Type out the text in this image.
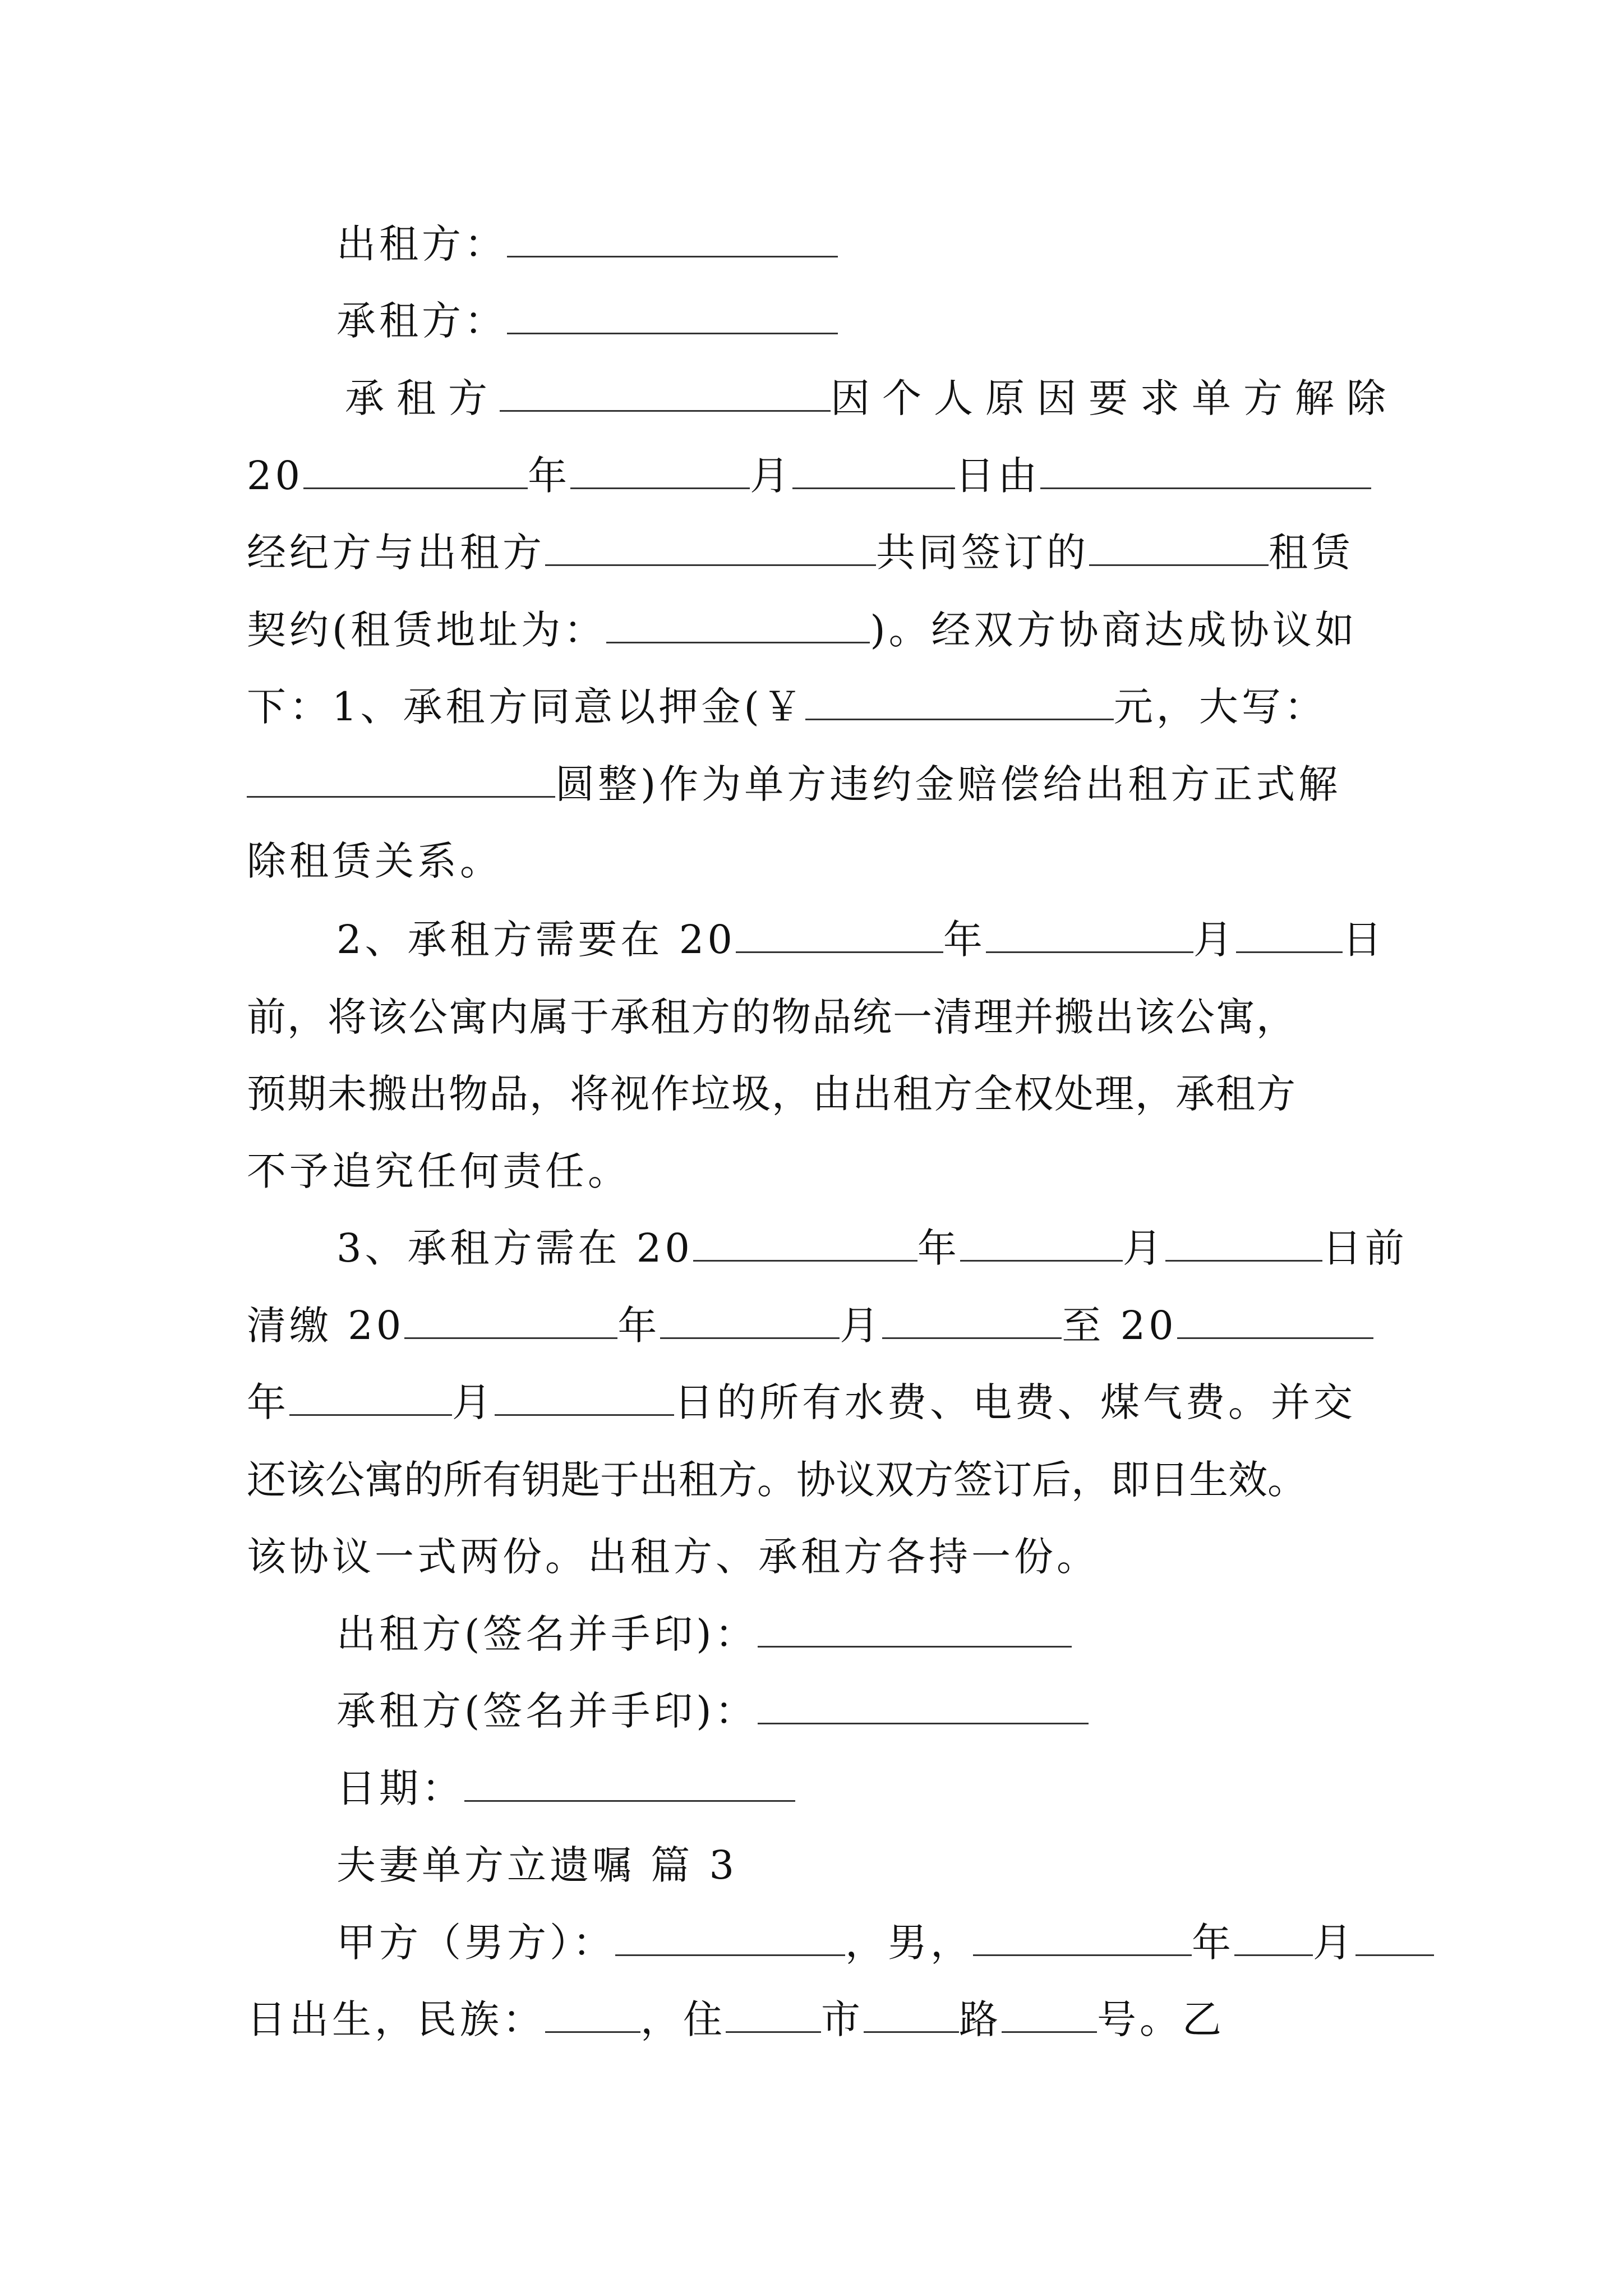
出租方：
承租方：
承租方	因个人原因要求单方解除
20	年	月	日由
经纪方与出租方	共同签订的	租赁
契约(租赁地址为：	)。经双方协商达成协议如
下：1、承租方同意以押金(￥	元，大写：
圆整)作为单方违约金赔偿给出租方正式解
除租赁关系。
2、承租方需要在 20	年	月	日
前，将该公寓内属于承租方的物品统一清理并搬出该公寓，
预期未搬出物品，将视作垃圾，由出租方全权处理，承租方
不予追究任何责任。
3、承租方需在 20	年	月	日前
清缴 20	年	月	至 20
年	月	日的所有水费、电费、煤气费。并交
还该公寓的所有钥匙于出租方。协议双方签订后，即日生效。
该协议一式两份。出租方、承租方各持一份。
出租方(签名并手印)：
承租方(签名并手印)：
日期：
夫妻单方立遗嘱 篇 3
甲方（男方）：	，男，	年 月
日出生，民族： ，住 市 路 号。乙
